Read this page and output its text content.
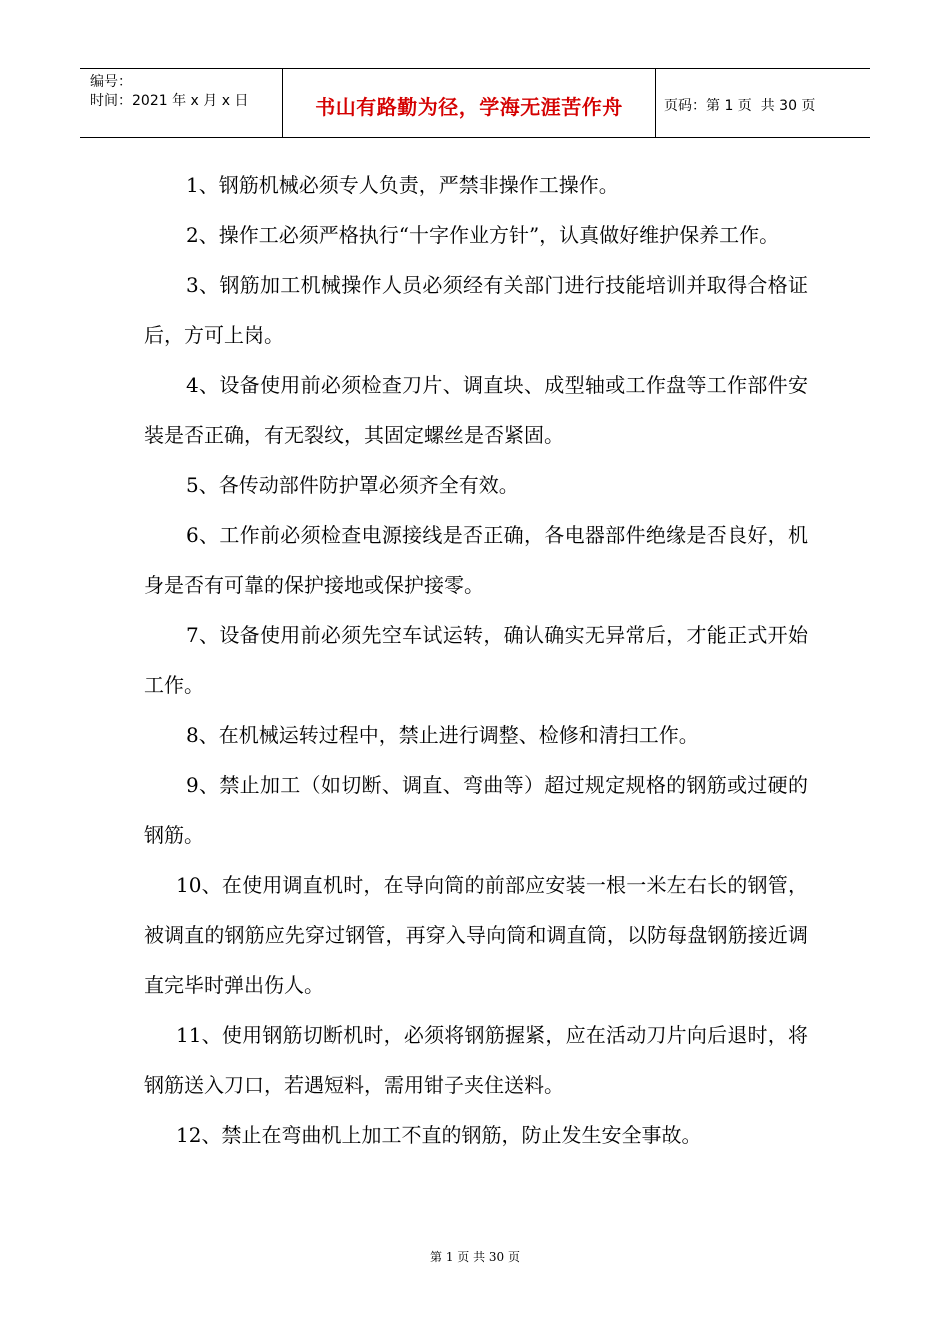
编号：
时间：2021 年 x 月 x 日	书山有路勤为径，学海无涯苦作舟	页码：第 1 页  共 30 页

1、钢筋机械必须专人负责，严禁非操作工操作。

2、操作工必须严格执行“十字作业方针”，认真做好维护保养工作。

3、钢筋加工机械操作人员必须经有关部门进行技能培训并取得合格证后，方可上岗。

4、设备使用前必须检查刀片、调直块、成型轴或工作盘等工作部件安装是否正确，有无裂纹，其固定螺丝是否紧固。

5、各传动部件防护罩必须齐全有效。

6、工作前必须检查电源接线是否正确，各电器部件绝缘是否良好，机身是否有可靠的保护接地或保护接零。

7、设备使用前必须先空车试运转，确认确实无异常后，才能正式开始工作。

8、在机械运转过程中，禁止进行调整、检修和清扫工作。

9、禁止加工（如切断、调直、弯曲等）超过规定规格的钢筋或过硬的钢筋。

10、在使用调直机时，在导向筒的前部应安装一根一米左右长的钢管，被调直的钢筋应先穿过钢管，再穿入导向筒和调直筒，以防每盘钢筋接近调直完毕时弹出伤人。

11、使用钢筋切断机时，必须将钢筋握紧，应在活动刀片向后退时，将钢筋送入刀口，若遇短料，需用钳子夹住送料。

12、禁止在弯曲机上加工不直的钢筋，防止发生安全事故。

第 1 页 共 30 页
